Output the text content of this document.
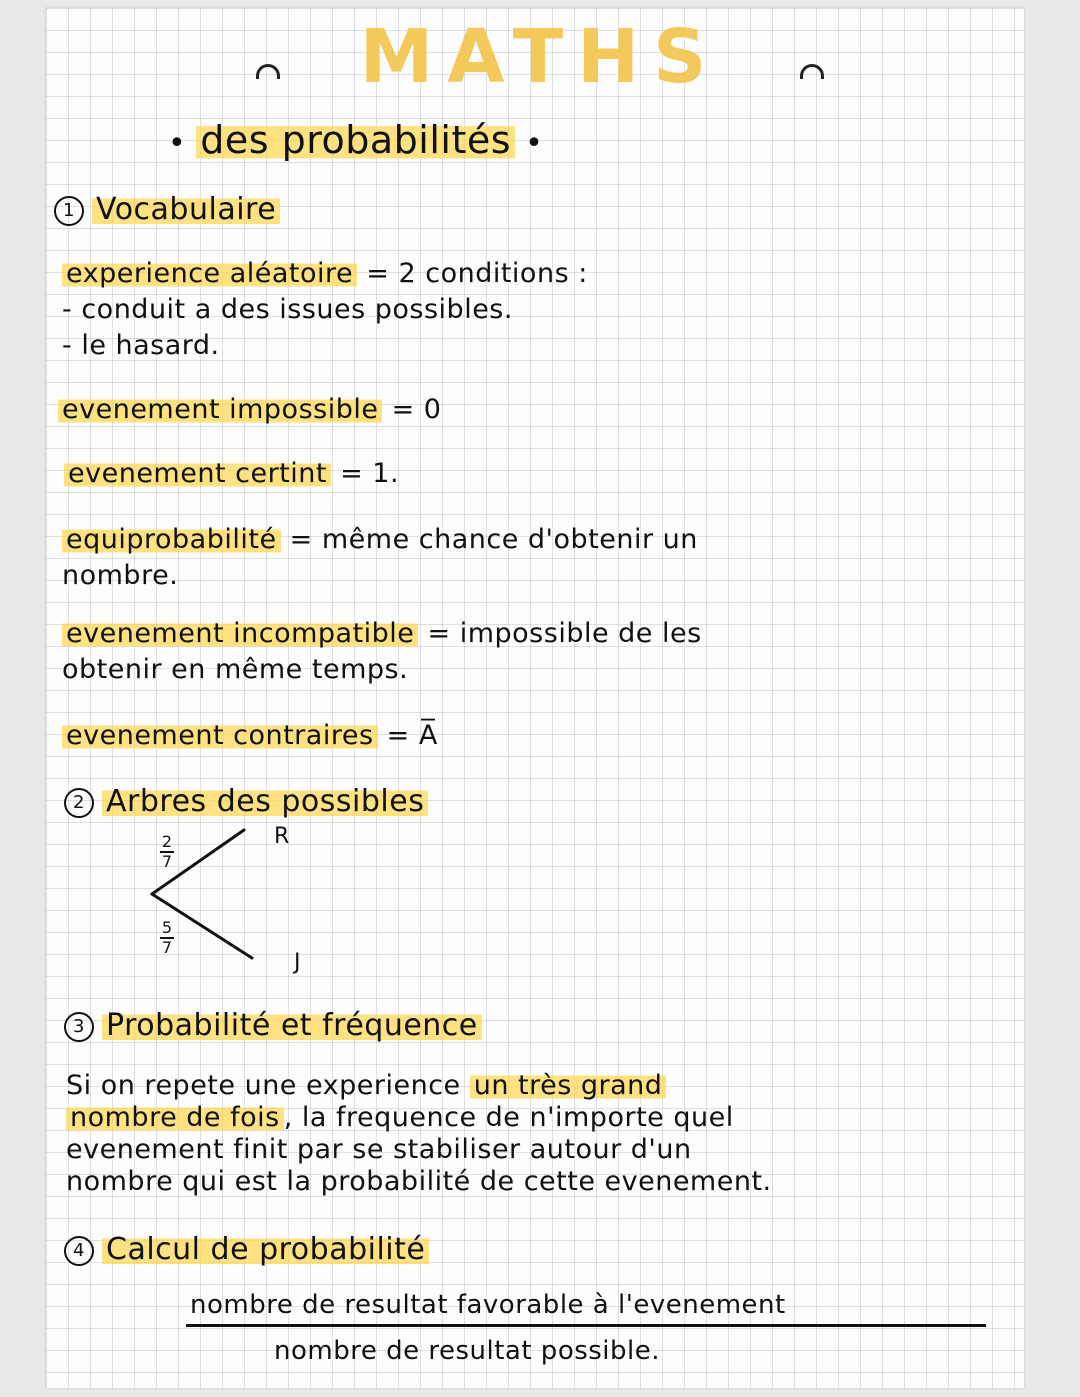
MATHS
• des probabilités •
1 Vocabulaire
experience aléatoire = 2 conditions :
- conduit a des issues possibles.
- le hasard.
evenement impossible = 0
evenement certint = 1.
equiprobabilité = même chance d'obtenir un
nombre.
evenement incompatible = impossible de les
obtenir en même temps.
evenement contraires = A̅
2 Arbres des possibles
R
J
2
7
5
7
3 Probabilité et fréquence
Si on repete une experience un très grand
nombre de fois , la frequence de n'importe quel
evenement finit par se stabiliser autour d'un
nombre qui est la probabilité de cette evenement.
4 Calcul de probabilité
nombre de resultat favorable à l'evenement
nombre de resultat possible.
